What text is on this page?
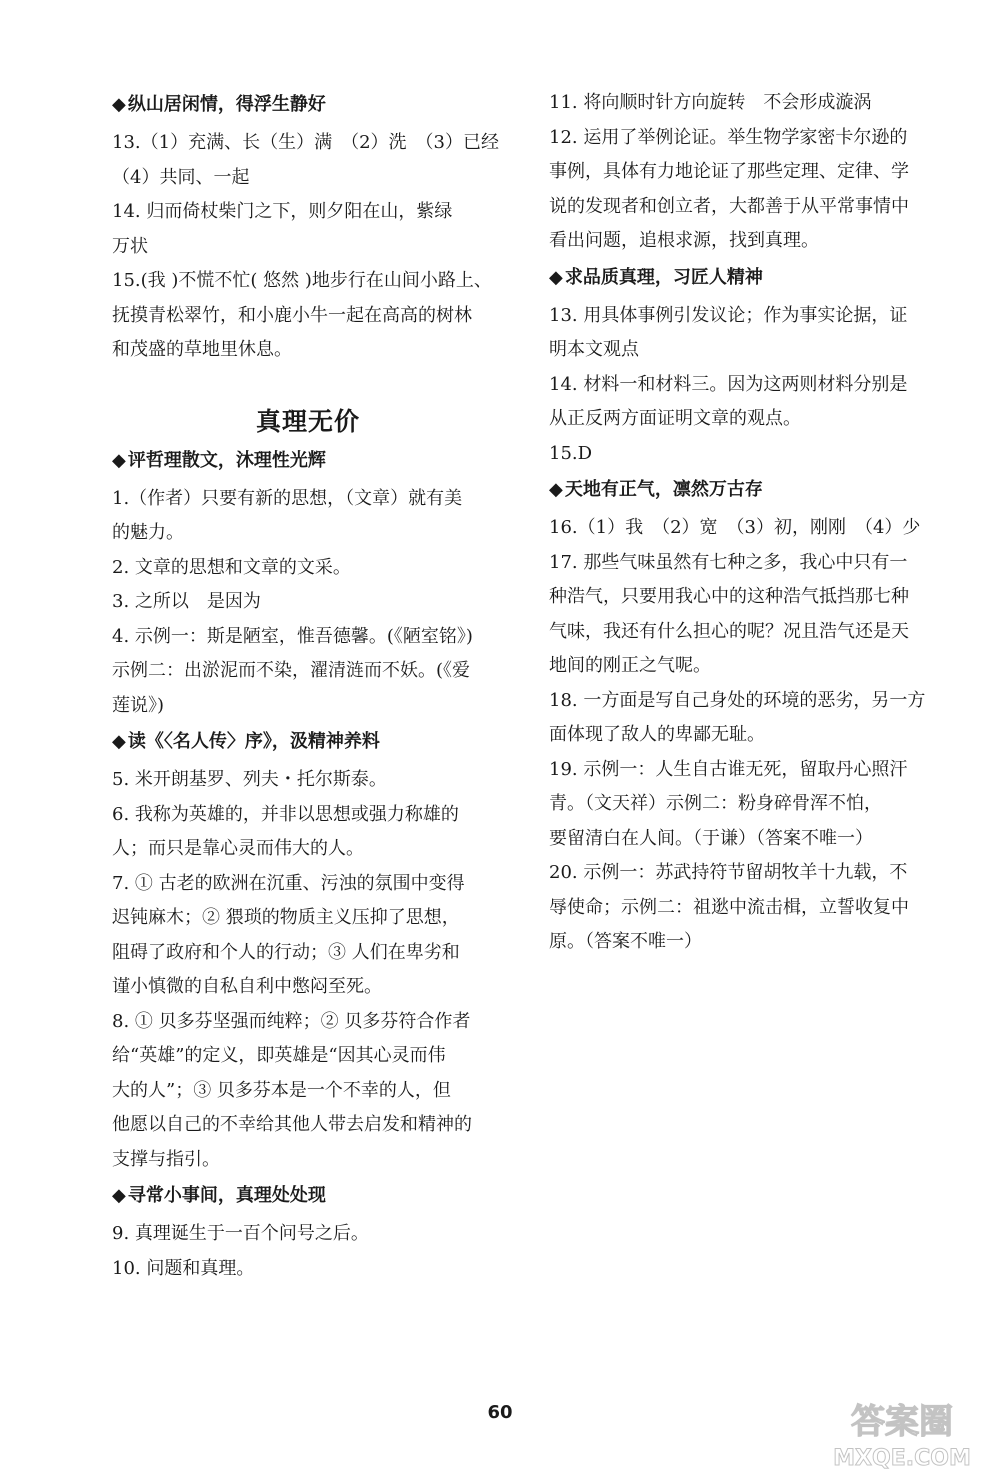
◆ 纵山居闲情，得浮生静好
13.（1）充满、长（生）满　（2）洗　（3）已经
（4）共同、一起
14. 归而倚杖柴门之下，则夕阳在山，紫绿
万状
15.(我 )不慌不忙( 悠然 )地步行在山间小路上、
抚摸青松翠竹，和小鹿小牛一起在高高的树林
和茂盛的草地里休息。
真理无价
◆ 评哲理散文，沐理性光辉
1.（作者）只要有新的思想，（文章）就有美
的魅力。
2. 文章的思想和文章的文采。
3. 之所以　是因为
4. 示例一：斯是陋室，惟吾德馨。(《陋室铭》)
示例二：出淤泥而不染，濯清涟而不妖。(《爱
莲说》)
◆ 读《〈名人传〉序》，汲精神养料
5. 米开朗基罗、列夫・托尔斯泰。
6. 我称为英雄的，并非以思想或强力称雄的
人；而只是靠心灵而伟大的人。
7. ① 古老的欧洲在沉重、污浊的氛围中变得
迟钝麻木；② 猥琐的物质主义压抑了思想，
阻碍了政府和个人的行动；③ 人们在卑劣和
谨小慎微的自私自利中憋闷至死。
8. ① 贝多芬坚强而纯粹；② 贝多芬符合作者
给“英雄”的定义，即英雄是“因其心灵而伟
大的人”；③ 贝多芬本是一个不幸的人，但
他愿以自己的不幸给其他人带去启发和精神的
支撑与指引。
◆ 寻常小事间，真理处处现
9. 真理诞生于一百个问号之后。
10. 问题和真理。
11. 将向顺时针方向旋转　不会形成漩涡
12. 运用了举例论证。举生物学家密卡尔逊的
事例，具体有力地论证了那些定理、定律、学
说的发现者和创立者，大都善于从平常事情中
看出问题，追根求源，找到真理。
◆ 求品质真理，习匠人精神
13. 用具体事例引发议论；作为事实论据，证
明本文观点
14. 材料一和材料三。因为这两则材料分别是
从正反两方面证明文章的观点。
15.D
◆ 天地有正气，凛然万古存
16.（1）我　（2）宽　（3）初，刚刚　（4）少
17. 那些气味虽然有七种之多，我心中只有一
种浩气，只要用我心中的这种浩气抵挡那七种
气味，我还有什么担心的呢？况且浩气还是天
地间的刚正之气呢。
18. 一方面是写自己身处的环境的恶劣，另一方
面体现了敌人的卑鄙无耻。
19. 示例一：人生自古谁无死，留取丹心照汗
青。（文天祥）示例二：粉身碎骨浑不怕，
要留清白在人间。（于谦）（答案不唯一）
20. 示例一：苏武持符节留胡牧羊十九载，不
辱使命；示例二：祖逖中流击楫，立誓收复中
原。（答案不唯一）
60	答案圈
MXQE.COM
